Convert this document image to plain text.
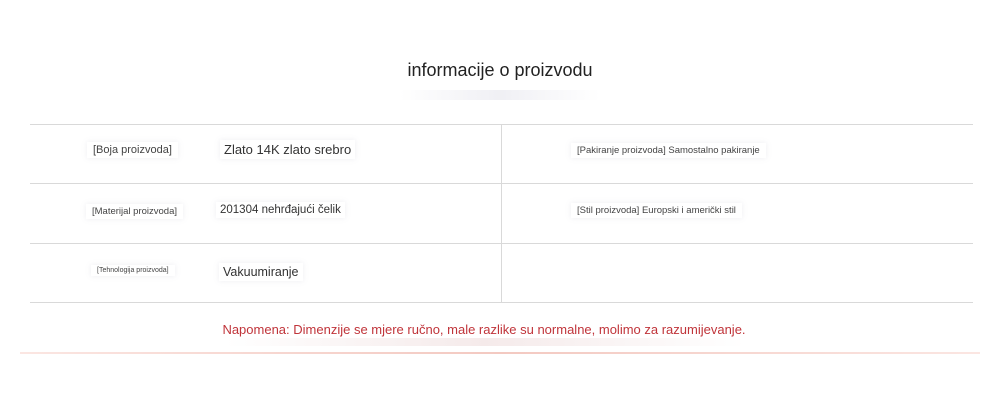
informacije o proizvodu
[Boja proizvoda]	Zlato 14K zlato srebro	[Pakiranje proizvoda] Samostalno pakiranje
[Materijal proizvoda]	201304 nehrđajući čelik	[Stil proizvoda] Europski i američki stil
[Tehnologija proizvoda]	Vakuumiranje
Napomena: Dimenzije se mjere ručno, male razlike su normalne, molimo za razumijevanje.
